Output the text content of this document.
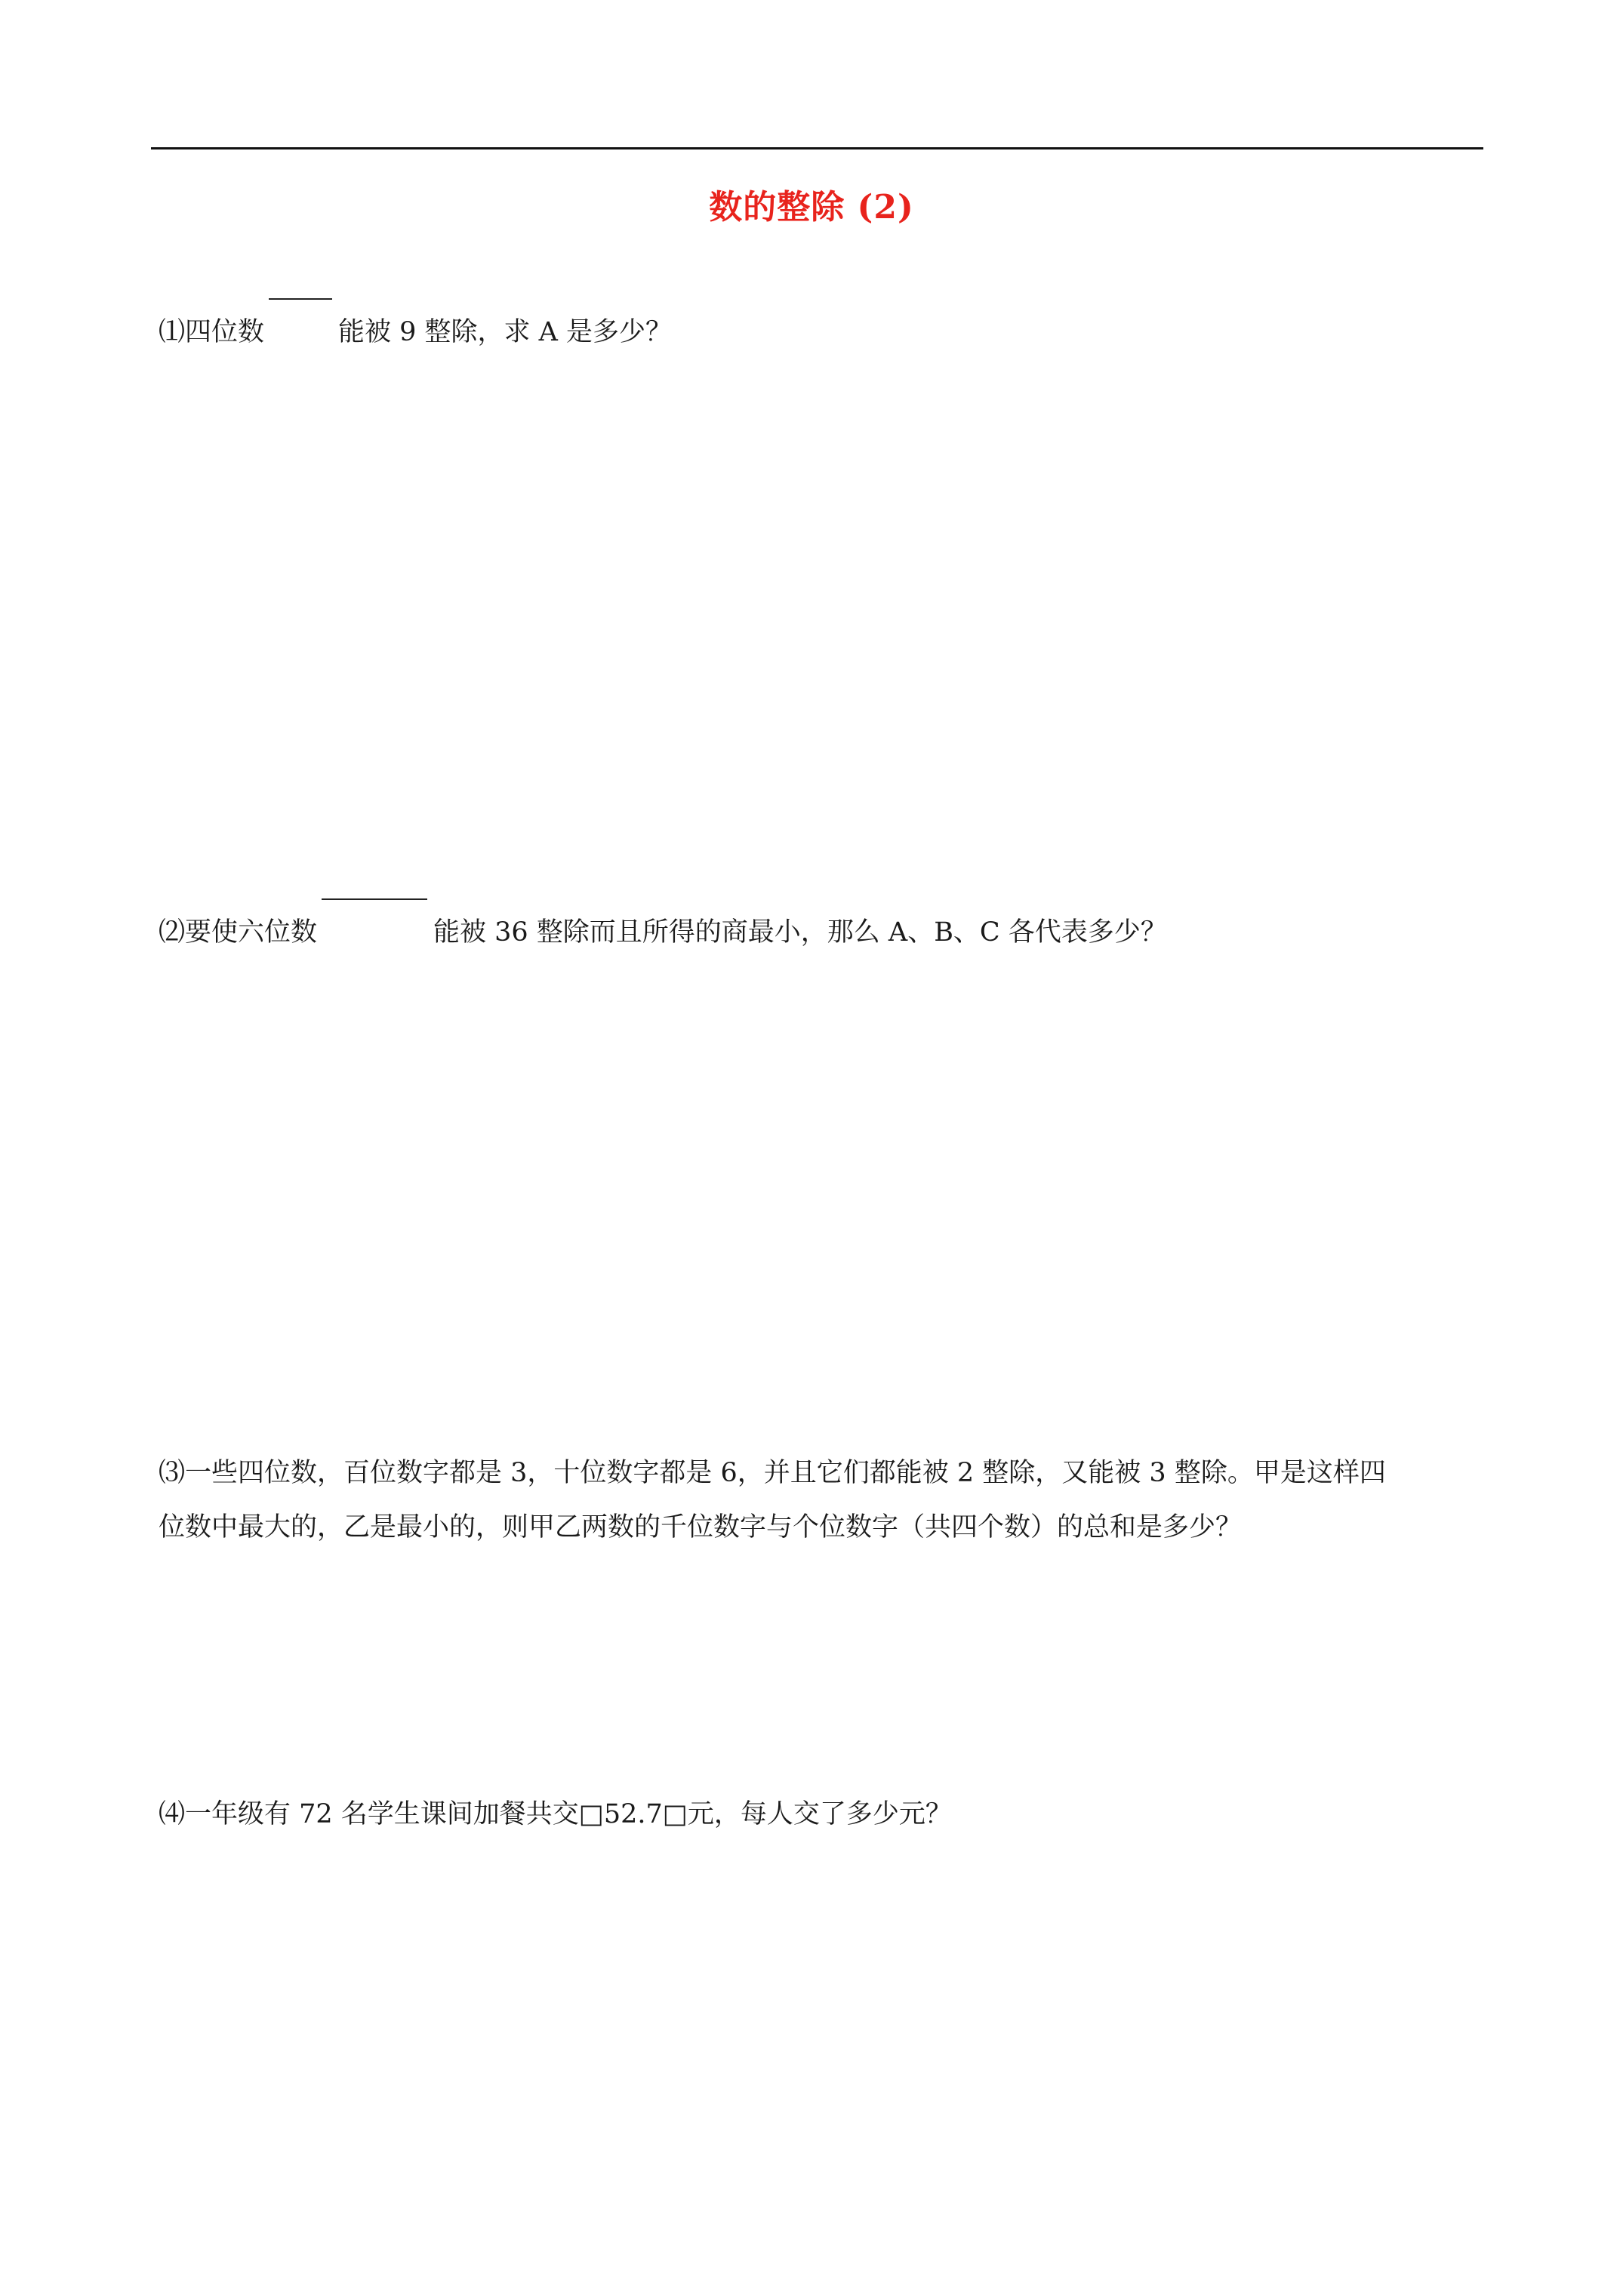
数的整除 (2)
⑴四位数	能被 9 整除，求 A 是多少？
⑵要使六位数	能被 36 整除而且所得的商最小，那么 A、B、C 各代表多少？
⑶一些四位数，百位数字都是 3，十位数字都是 6，并且它们都能被 2 整除，又能被 3 整除。甲是这样四
位数中最大的，乙是最小的，则甲乙两数的千位数字与个位数字（共四个数）的总和是多少？
⑷一年级有 72 名学生课间加餐共交□52.7□元，每人交了多少元？
